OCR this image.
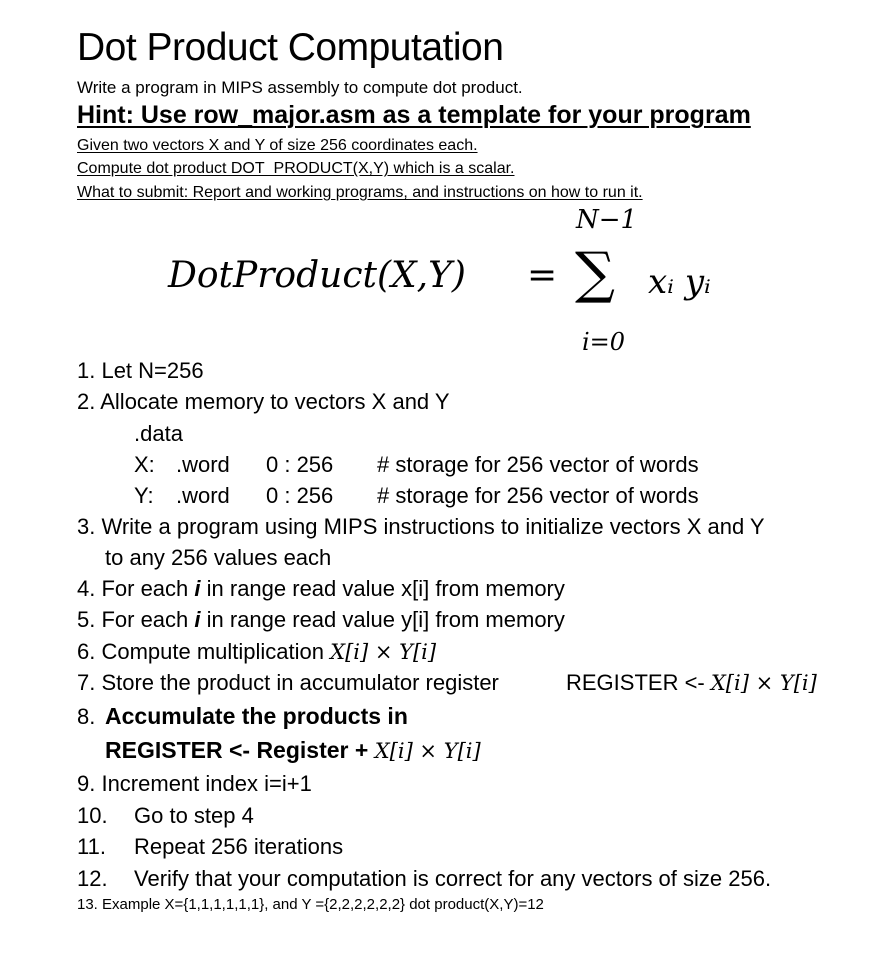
Dot Product Computation
Write a program in MIPS assembly to compute dot product.
Hint: Use row_major.asm as a template for your program
Given two vectors X and Y of size 256 coordinates each.
Compute dot product DOT_PRODUCT(X,Y) which is a scalar.
What to submit: Report and working programs, and instructions on how to run it.
DotProduct(X,Y) =
N−1
∑
i=0
xᵢ yᵢ
1. Let N=256
2. Allocate memory to vectors X and Y
.data
X: .word 0 : 256 # storage for 256 vector of words
Y: .word 0 : 256 # storage for 256 vector of words
3. Write a program using MIPS instructions to initialize vectors X and Y
to any 256 values each
4. For each i in range read value x[i] from memory
5. For each i in range read value y[i] from memory
6. Compute multiplication X[i] × Y[i]
7. Store the product in accumulator register	REGISTER <- X[i] × Y[i]
8. Accumulate the products in
REGISTER <- Register + X[i] × Y[i]
9. Increment index i=i+1
10. Go to step 4
11. Repeat 256 iterations
12. Verify that your computation is correct for any vectors of size 256.
13. Example X={1,1,1,1,1,1}, and Y ={2,2,2,2,2,2} dot product(X,Y)=12
